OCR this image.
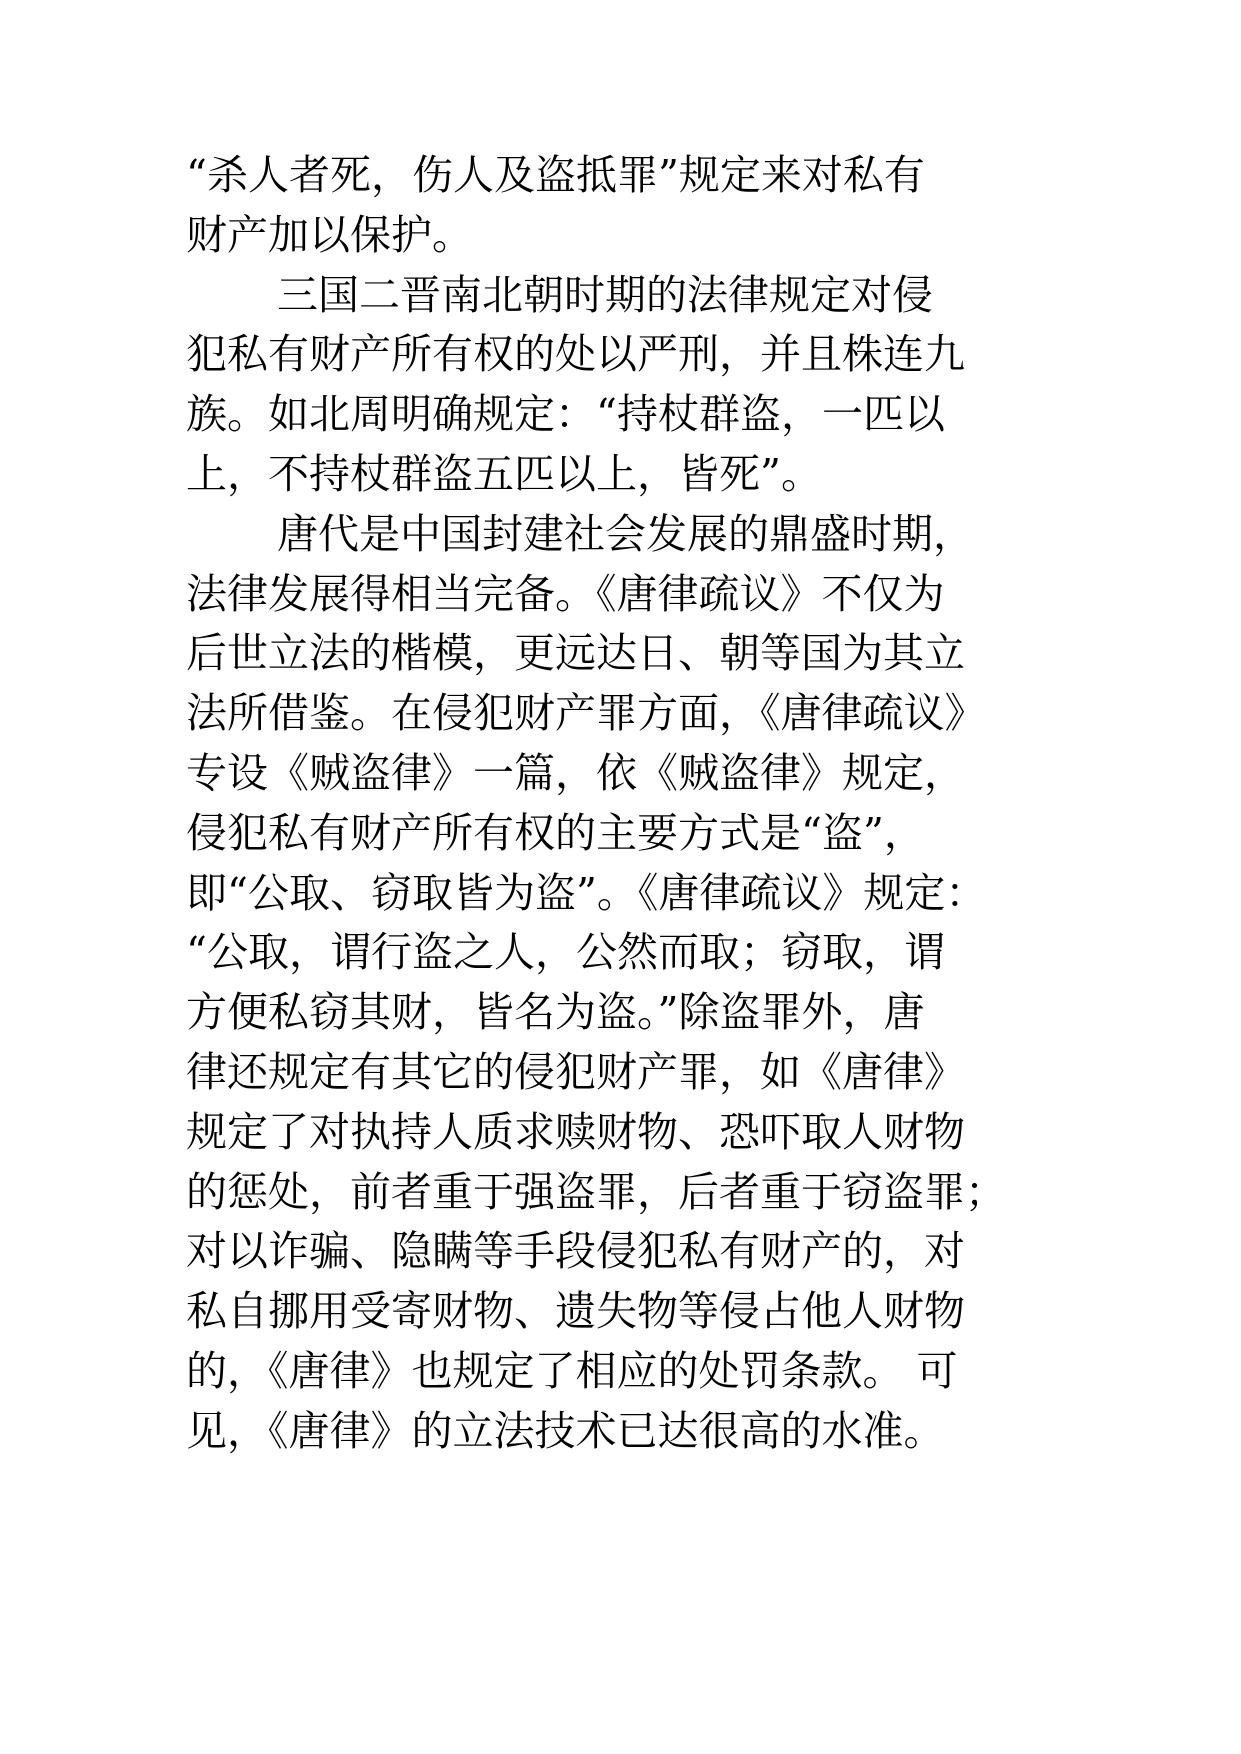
“杀人者死，伤人及盗抵罪”规定来对私有
财产加以保护。
三国二晋南北朝时期的法律规定对侵
犯私有财产所有权的处以严刑，并且株连九
族。如北周明确规定：“持杖群盗，一匹以
上，不持杖群盗五匹以上，皆死”。
唐代是中国封建社会发展的鼎盛时期，
法律发展得相当完备。《唐律疏议》不仅为
后世立法的楷模，更远达日、朝等国为其立
法所借鉴。在侵犯财产罪方面，《唐律疏议》
专设《贼盗律》一篇，依《贼盗律》规定，
侵犯私有财产所有权的主要方式是“盗”，
即“公取、窃取皆为盗”。《唐律疏议》规定：
“公取，谓行盗之人，公然而取；窃取，谓
方便私窃其财，皆名为盗。”除盗罪外，唐
律还规定有其它的侵犯财产罪，如《唐律》
规定了对执持人质求赎财物、恐吓取人财物
的惩处，前者重于强盗罪，后者重于窃盗罪；
对以诈骗、隐瞒等手段侵犯私有财产的，对
私自挪用受寄财物、遗失物等侵占他人财物
的，《唐律》也规定了相应的处罚条款。 可
见，《唐律》的立法技术已达很高的水准。
